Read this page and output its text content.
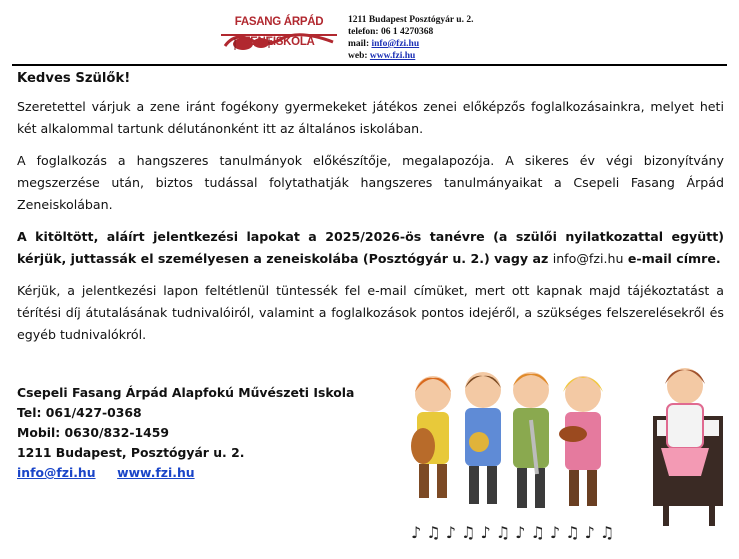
FASANG ÁRPÁD ZENEISKOLA
1211 Budapest Posztógyár u. 2.
telefon: 06 1 4270368
mail: info@fzi.hu
web: www.fzi.hu

Kedves Szülők!

Szeretettel várjuk a zene iránt fogékony gyermekeket játékos zenei előképzős foglalkozásainkra, melyet heti két alkalommal tartunk délutánonként itt az általános iskolában.

A foglalkozás a hangszeres tanulmányok előkészítője, megalapozója. A sikeres év végi bizonyítvány megszerzése után, biztos tudással folytathatják hangszeres tanulmányaikat a Csepeli Fasang Árpád Zeneiskolában.

A kitöltött, aláírt jelentkezési lapokat a 2025/2026-ös tanévre (a szülői nyilatkozattal együtt) kérjük, juttassák el személyesen a zeneiskolába (Posztógyár u. 2.) vagy az info@fzi.hu e-mail címre.

Kérjük, a jelentkezési lapon feltétlenül tüntessék fel e-mail címüket, mert ott kapnak majd tájékoztatást a térítési díj átutalásának tudnivalóiról, valamint a foglalkozások pontos idejéről, a szükséges felszerelésekről és egyéb tudnivalókról.

Csepeli Fasang Árpád Alapfokú Művészeti Iskola
Tel: 061/427-0368
Mobil: 0630/832-1459
1211 Budapest, Posztógyár u. 2.
info@fzi.hu www.fzi.hu
♪ ♫ ♪ ♫ ♪ ♫ ♪ ♫ ♪ ♫ ♪ ♫
